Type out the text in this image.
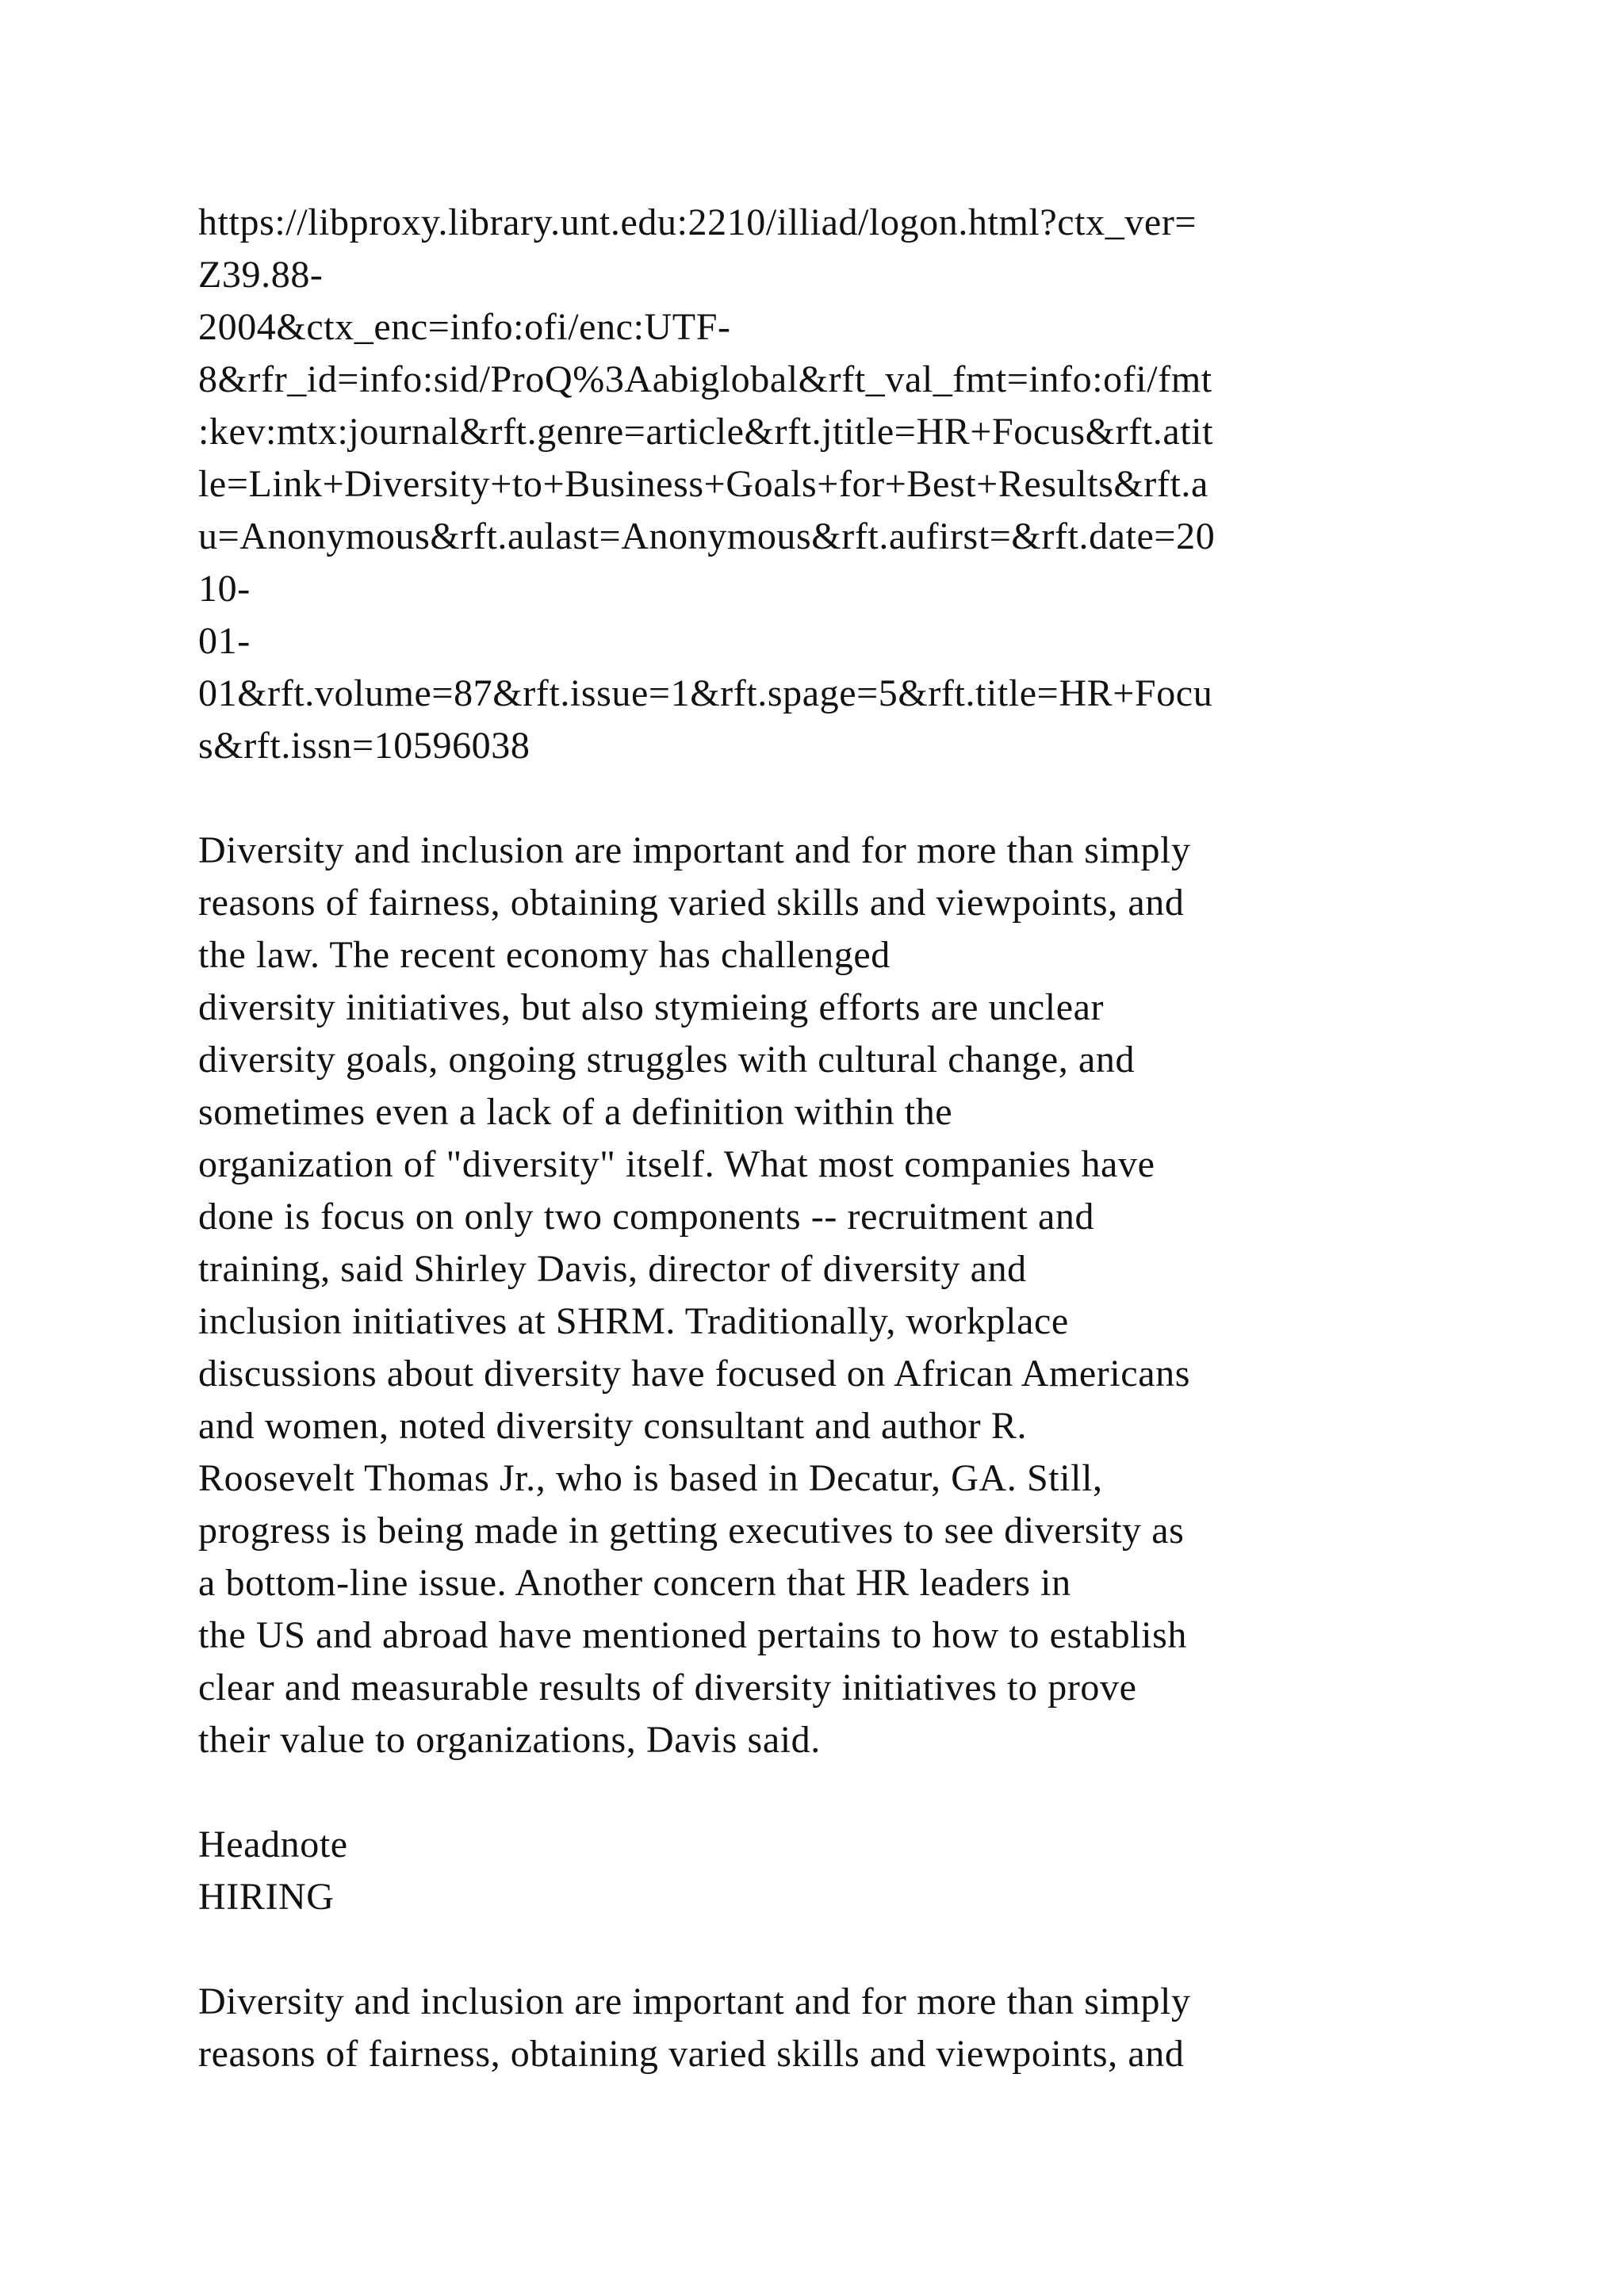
https://libproxy.library.unt.edu:2210/illiad/logon.html?ctx_ver=
Z39.88-
2004&ctx_enc=info:ofi/enc:UTF-
8&rfr_id=info:sid/ProQ%3Aabiglobal&rft_val_fmt=info:ofi/fmt
:kev:mtx:journal&rft.genre=article&rft.jtitle=HR+Focus&rft.atit
le=Link+Diversity+to+Business+Goals+for+Best+Results&rft.a
u=Anonymous&rft.aulast=Anonymous&rft.aufirst=&rft.date=20
10-
01-
01&rft.volume=87&rft.issue=1&rft.spage=5&rft.title=HR+Focu
s&rft.issn=10596038
Diversity and inclusion are important and for more than simply
reasons of fairness, obtaining varied skills and viewpoints, and
the law. The recent economy has challenged
diversity initiatives, but also stymieing efforts are unclear
diversity goals, ongoing struggles with cultural change, and
sometimes even a lack of a definition within the
organization of "diversity" itself. What most companies have
done is focus on only two components -- recruitment and
training, said Shirley Davis, director of diversity and
inclusion initiatives at SHRM. Traditionally, workplace
discussions about diversity have focused on African Americans
and women, noted diversity consultant and author R.
Roosevelt Thomas Jr., who is based in Decatur, GA. Still,
progress is being made in getting executives to see diversity as
a bottom-line issue. Another concern that HR leaders in
the US and abroad have mentioned pertains to how to establish
clear and measurable results of diversity initiatives to prove
their value to organizations, Davis said.
Headnote
HIRING
Diversity and inclusion are important and for more than simply
reasons of fairness, obtaining varied skills and viewpoints, and
